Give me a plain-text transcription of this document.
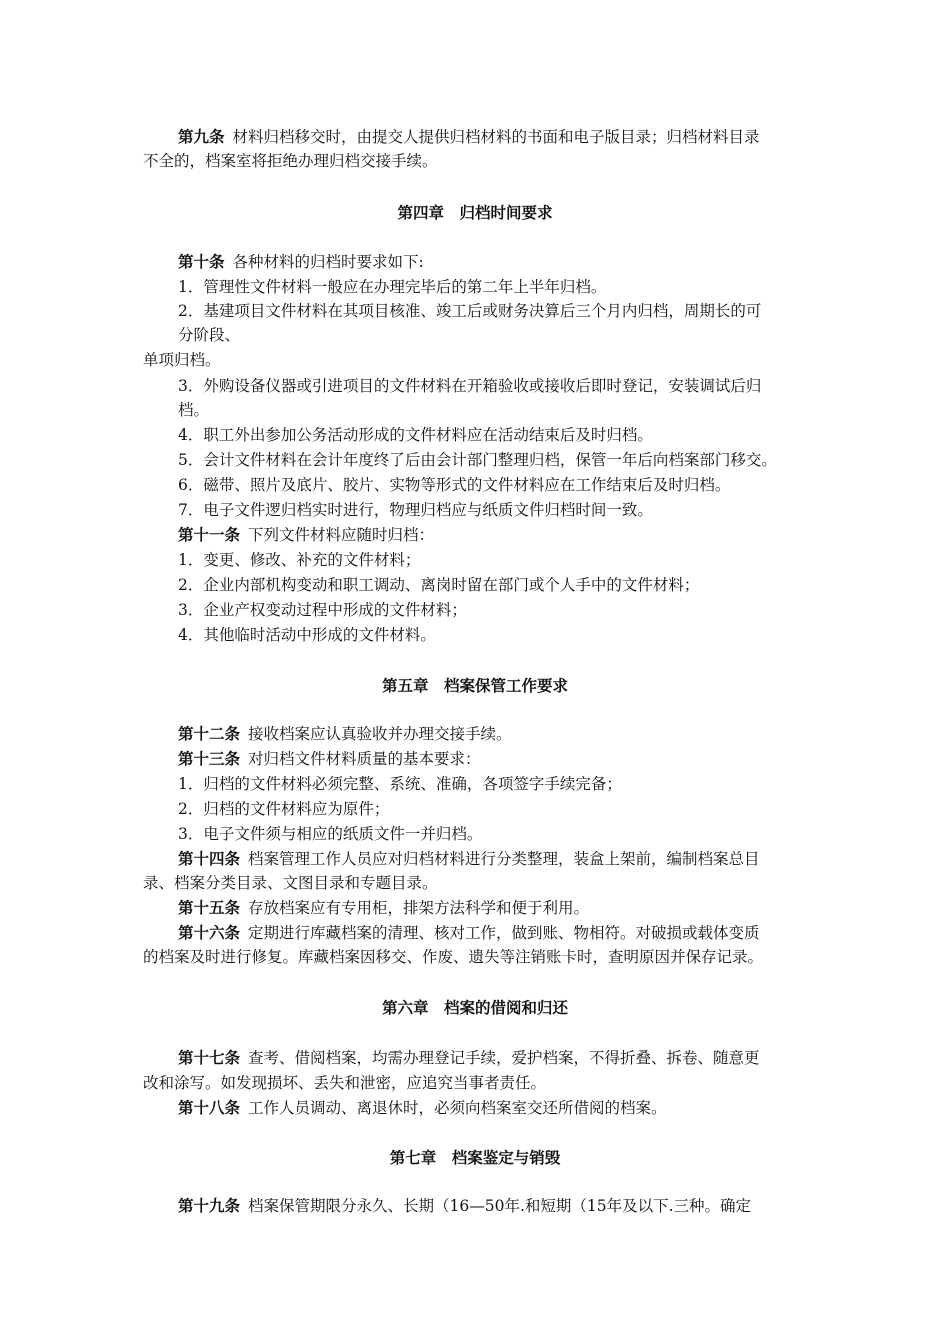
第九条 材料归档移交时，由提交人提供归档材料的书面和电子版目录；归档材料目录
不全的，档案室将拒绝办理归档交接手续。
第四章　归档时间要求
第十条 各种材料的归档时要求如下:
1．管理性文件材料一般应在办理完毕后的第二年上半年归档。
2．基建项目文件材料在其项目核准、竣工后或财务决算后三个月内归档，周期长的可
分阶段、
单项归档。
3．外购设备仪器或引进项目的文件材料在开箱验收或接收后即时登记，安装调试后归
档。
4．职工外出参加公务活动形成的文件材料应在活动结束后及时归档。
5．会计文件材料在会计年度终了后由会计部门整理归档，保管一年后向档案部门移交。
6．磁带、照片及底片、胶片、实物等形式的文件材料应在工作结束后及时归档。
7．电子文件逻归档实时进行，物理归档应与纸质文件归档时间一致。
第十一条 下列文件材料应随时归档：
1．变更、修改、补充的文件材料；
2．企业内部机构变动和职工调动、离岗时留在部门或个人手中的文件材料；
3．企业产权变动过程中形成的文件材料；
4．其他临时活动中形成的文件材料。
第五章　档案保管工作要求
第十二条 接收档案应认真验收并办理交接手续。
第十三条 对归档文件材料质量的基本要求：
1．归档的文件材料必须完整、系统、准确，各项签字手续完备；
2．归档的文件材料应为原件；
3．电子文件须与相应的纸质文件一并归档。
第十四条 档案管理工作人员应对归档材料进行分类整理，装盒上架前，编制档案总目
录、档案分类目录、文图目录和专题目录。
第十五条 存放档案应有专用柜，排架方法科学和便于利用。
第十六条 定期进行库藏档案的清理、核对工作，做到账、物相符。对破损或载体变质
的档案及时进行修复。库藏档案因移交、作废、遗失等注销账卡时，查明原因并保存记录。
第六章　档案的借阅和归还
第十七条 查考、借阅档案，均需办理登记手续，爱护档案，不得折叠、拆卷、随意更
改和涂写。如发现损坏、丢失和泄密，应追究当事者责任。
第十八条 工作人员调动、离退休时，必须向档案室交还所借阅的档案。
第七章　档案鉴定与销毁
第十九条 档案保管期限分永久、长期（16—50年.和短期（15年及以下.三种。确定
